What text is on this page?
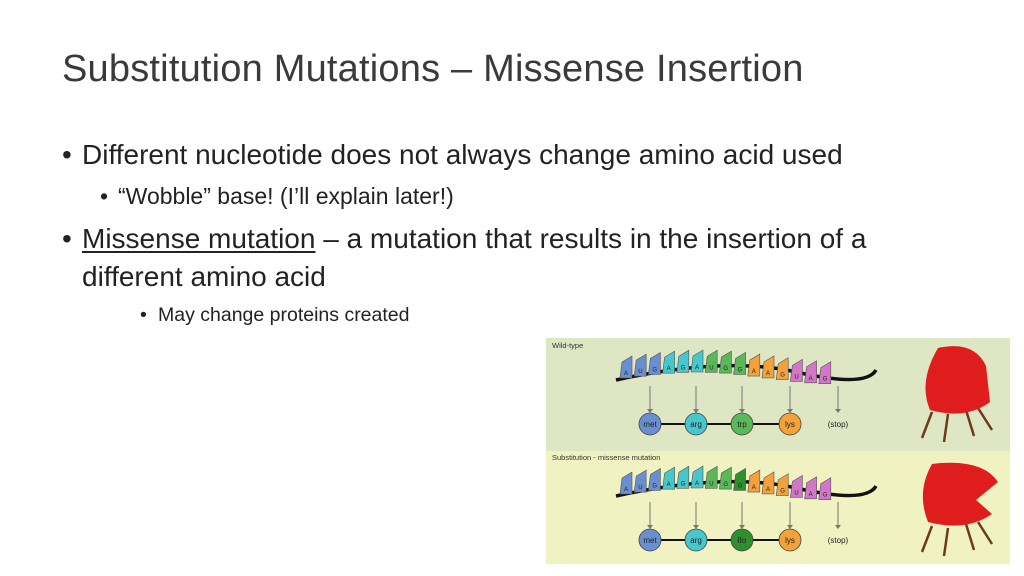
Substitution Mutations – Missense Insertion
• Different nucleotide does not always change amino acid used
• “Wobble” base! (I’ll explain later!)
• Missense mutation – a mutation that results in the insertion of a different amino acid
• May change proteins created
Wild-type
Substitution - missense mutation
A U G A G A U G G A A G U A G
met	arg	trp	lys	(stop)
A U G A G A U G G A A G U A G
met	arg	lIo	lys	(stop)
